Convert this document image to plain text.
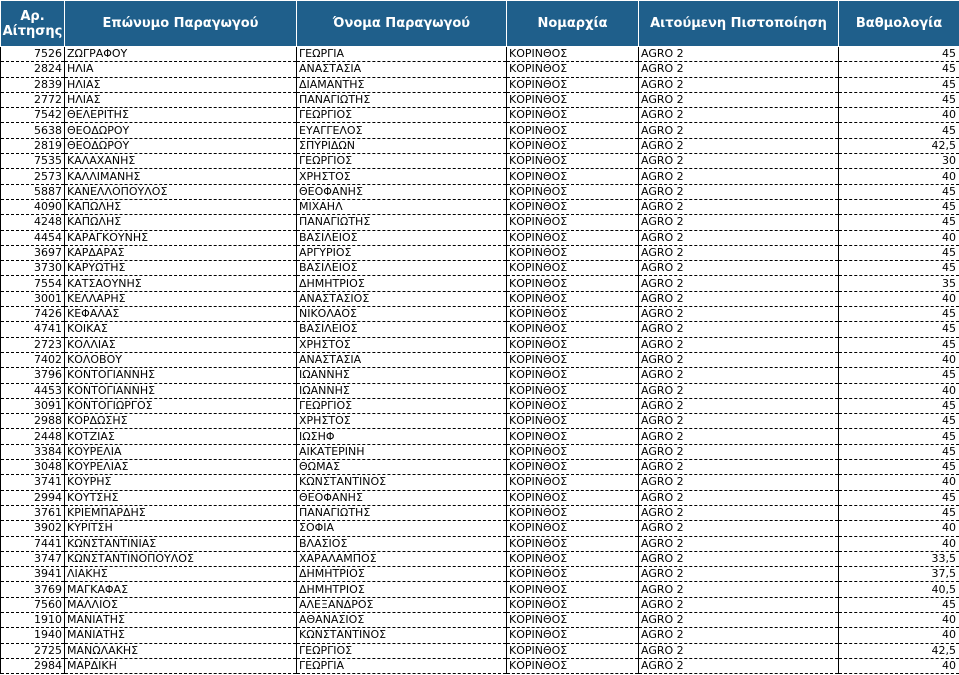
Αρ. Αίτησης	Επώνυμο Παραγωγού	Όνομα Παραγωγού	Νομαρχία	Αιτούμενη Πιστοποίηση	Βαθμολογία
7526	ΖΩΓΡΑΦΟΥ	ΓΕΩΡΓΙΑ	ΚΟΡΙΝΘΟΣ	AGRO 2	45
2824	ΗΛΙΑ	ΑΝΑΣΤΑΣΙΑ	ΚΟΡΙΝΘΟΣ	AGRO 2	45
2839	ΗΛΙΑΣ	ΔΙΑΜΑΝΤΗΣ	ΚΟΡΙΝΘΟΣ	AGRO 2	45
2772	ΗΛΙΑΣ	ΠΑΝΑΓΙΩΤΗΣ	ΚΟΡΙΝΘΟΣ	AGRO 2	45
7542	ΘΕΛΕΡΙΤΗΣ	ΓΕΩΡΓΙΟΣ	ΚΟΡΙΝΘΟΣ	AGRO 2	40
5638	ΘΕΟΔΩΡΟΥ	ΕΥΑΓΓΕΛΟΣ	ΚΟΡΙΝΘΟΣ	AGRO 2	45
2819	ΘΕΟΔΩΡΟΥ	ΣΠΥΡΙΔΩΝ	ΚΟΡΙΝΘΟΣ	AGRO 2	42,5
7535	ΚΑΛΑΧΑΝΗΣ	ΓΕΩΡΓΙΟΣ	ΚΟΡΙΝΘΟΣ	AGRO 2	30
2573	ΚΑΛΛΙΜΑΝΗΣ	ΧΡΗΣΤΟΣ	ΚΟΡΙΝΘΟΣ	AGRO 2	40
5887	ΚΑΝΕΛΛΟΠΟΥΛΟΣ	ΘΕΟΦΑΝΗΣ	ΚΟΡΙΝΘΟΣ	AGRO 2	45
4090	ΚΑΠΩΛΗΣ	ΜΙΧΑΗΛ	ΚΟΡΙΝΘΟΣ	AGRO 2	45
4248	ΚΑΠΩΛΗΣ	ΠΑΝΑΓΙΩΤΗΣ	ΚΟΡΙΝΘΟΣ	AGRO 2	45
4454	ΚΑΡΑΓΚΟΥΝΗΣ	ΒΑΣΙΛΕΙΟΣ	ΚΟΡΙΝΘΟΣ	AGRO 2	40
3697	ΚΑΡΔΑΡΑΣ	ΑΡΓΥΡΙΟΣ	ΚΟΡΙΝΘΟΣ	AGRO 2	45
3730	ΚΑΡΥΩΤΗΣ	ΒΑΣΙΛΕΙΟΣ	ΚΟΡΙΝΘΟΣ	AGRO 2	45
7554	ΚΑΤΣΑΟΥΝΗΣ	ΔΗΜΗΤΡΙΟΣ	ΚΟΡΙΝΘΟΣ	AGRO 2	35
3001	ΚΕΛΛΑΡΗΣ	ΑΝΑΣΤΑΣΙΟΣ	ΚΟΡΙΝΘΟΣ	AGRO 2	40
7426	ΚΕΦΑΛΑΣ	ΝΙΚΟΛΑΟΣ	ΚΟΡΙΝΘΟΣ	AGRO 2	45
4741	ΚΟΙΚΑΣ	ΒΑΣΙΛΕΙΟΣ	ΚΟΡΙΝΘΟΣ	AGRO 2	45
2723	ΚΟΛΛΙΑΣ	ΧΡΗΣΤΟΣ	ΚΟΡΙΝΘΟΣ	AGRO 2	45
7402	ΚΟΛΟΒΟΥ	ΑΝΑΣΤΑΣΙΑ	ΚΟΡΙΝΘΟΣ	AGRO 2	40
3796	ΚΟΝΤΟΓΙΑΝΝΗΣ	ΙΩΑΝΝΗΣ	ΚΟΡΙΝΘΟΣ	AGRO 2	45
4453	ΚΟΝΤΟΓΙΑΝΝΗΣ	ΙΩΑΝΝΗΣ	ΚΟΡΙΝΘΟΣ	AGRO 2	40
3091	ΚΟΝΤΟΓΙΩΡΓΟΣ	ΓΕΩΡΓΙΟΣ	ΚΟΡΙΝΘΟΣ	AGRO 2	45
2988	ΚΟΡΔΩΣΗΣ	ΧΡΗΣΤΟΣ	ΚΟΡΙΝΘΟΣ	AGRO 2	45
2448	ΚΟΤΖΙΑΣ	ΙΩΣΗΦ	ΚΟΡΙΝΘΟΣ	AGRO 2	45
3384	ΚΟΥΡΕΛΙΑ	ΑΙΚΑΤΕΡΙΝΗ	ΚΟΡΙΝΘΟΣ	AGRO 2	45
3048	ΚΟΥΡΕΛΙΑΣ	ΘΩΜΑΣ	ΚΟΡΙΝΘΟΣ	AGRO 2	45
3741	ΚΟΥΡΗΣ	ΚΩΝΣΤΑΝΤΙΝΟΣ	ΚΟΡΙΝΘΟΣ	AGRO 2	40
2994	ΚΟΥΤΣΗΣ	ΘΕΟΦΑΝΗΣ	ΚΟΡΙΝΘΟΣ	AGRO 2	45
3761	ΚΡΙΕΜΠΑΡΔΗΣ	ΠΑΝΑΓΙΩΤΗΣ	ΚΟΡΙΝΘΟΣ	AGRO 2	45
3902	ΚΥΡΙΤΣΗ	ΣΟΦΙΑ	ΚΟΡΙΝΘΟΣ	AGRO 2	40
7441	ΚΩΝΣΤΑΝΤΙΝΙΑΣ	ΒΛΑΣΙΟΣ	ΚΟΡΙΝΘΟΣ	AGRO 2	40
3747	ΚΩΝΣΤΑΝΤΙΝΟΠΟΥΛΟΣ	ΧΑΡΑΛΑΜΠΟΣ	ΚΟΡΙΝΘΟΣ	AGRO 2	33,5
3941	ΛΙΑΚΗΣ	ΔΗΜΗΤΡΙΟΣ	ΚΟΡΙΝΘΟΣ	AGRO 2	37,5
3769	ΜΑΓΚΑΦΑΣ	ΔΗΜΗΤΡΙΟΣ	ΚΟΡΙΝΘΟΣ	AGRO 2	40,5
7560	ΜΑΛΛΙΟΣ	ΑΛΕΞΑΝΔΡΟΣ	ΚΟΡΙΝΘΟΣ	AGRO 2	45
1910	ΜΑΝΙΑΤΗΣ	ΑΘΑΝΑΣΙΟΣ	ΚΟΡΙΝΘΟΣ	AGRO 2	40
1940	ΜΑΝΙΑΤΗΣ	ΚΩΝΣΤΑΝΤΙΝΟΣ	ΚΟΡΙΝΘΟΣ	AGRO 2	40
2725	ΜΑΝΩΛΑΚΗΣ	ΓΕΩΡΓΙΟΣ	ΚΟΡΙΝΘΟΣ	AGRO 2	42,5
2984	ΜΑΡΔΙΚΗ	ΓΕΩΡΓΙΑ	ΚΟΡΙΝΘΟΣ	AGRO 2	40
